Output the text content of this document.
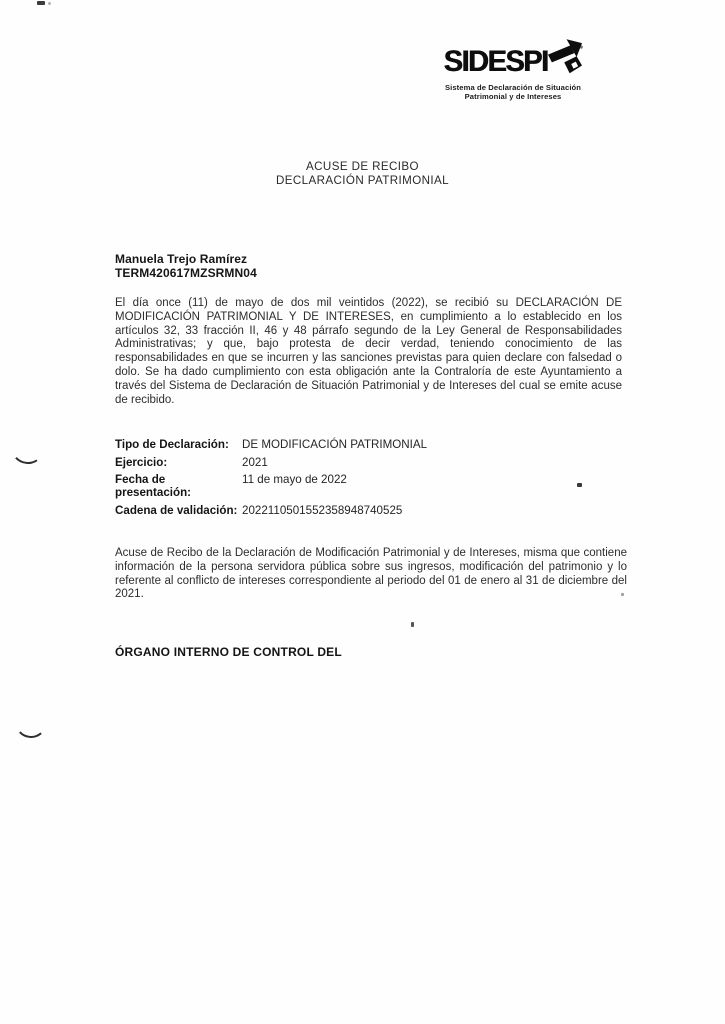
SIDESPI
Sistema de Declaración de Situación
Patrimonial y de Intereses
ACUSE DE RECIBO
DECLARACIÓN PATRIMONIAL
Manuela Trejo Ramírez
TERM420617MZSRMN04
El día once (11) de mayo de dos mil veintidos (2022), se recibió su DECLARACIÓN DE MODIFICACIÓN PATRIMONIAL Y DE INTERESES, en cumplimiento a lo establecido en los artículos 32, 33 fracción II, 46 y 48 párrafo segundo de la Ley General de Responsabilidades Administrativas; y que, bajo protesta de decir verdad, teniendo conocimiento de las responsabilidades en que se incurren y las sanciones previstas para quien declare con falsedad o dolo. Se ha dado cumplimiento con esta obligación ante la Contraloría de este Ayuntamiento a través del Sistema de Declaración de Situación Patrimonial y de Intereses del cual se emite acuse de recibido.
Tipo de Declaración:	DE MODIFICACIÓN PATRIMONIAL
Ejercicio:	2021
Fecha de presentación:
11 de mayo de 2022
Cadena de validación: 2022110501552358948740525
Acuse de Recibo de la Declaración de Modificación Patrimonial y de Intereses, misma que contiene información de la persona servidora pública sobre sus ingresos, modificación del patrimonio y lo referente al conflicto de intereses correspondiente al periodo del 01 de enero al 31 de diciembre del 2021.
ÓRGANO INTERNO DE CONTROL DEL
